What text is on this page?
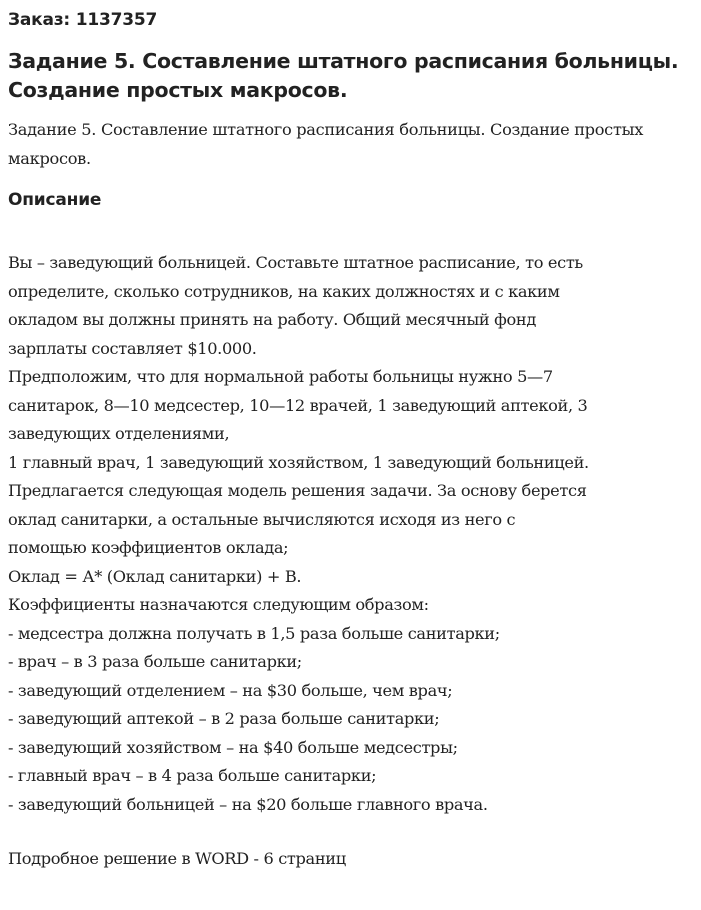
Заказ: 1137357
Задание 5. Составление штатного расписания больницы. Создание простых макросов.
Задание 5. Составление штатного расписания больницы. Создание простых макросов.
Описание
Вы – заведующий больницей. Составьте штатное расписание, то есть
определите, сколько сотрудников, на каких должностях и с каким
окладом вы должны принять на работу. Общий месячный фонд
зарплаты составляет $10.000.
Предположим, что для нормальной работы больницы нужно 5—7
санитарок, 8—10 медсестер, 10—12 врачей, 1 заведующий аптекой, 3
заведующих отделениями,
1 главный врач, 1 заведующий хозяйством, 1 заведующий больницей.
Предлагается следующая модель решения задачи. За основу берется
оклад санитарки, а остальные вычисляются исходя из него с
помощью коэффициентов оклада;
Оклад = А* (Оклад санитарки) + В.
Коэффициенты назначаются следующим образом:
- медсестра должна получать в 1,5 раза больше санитарки;
- врач – в 3 раза больше санитарки;
- заведующий отделением – на $30 больше, чем врач;
- заведующий аптекой – в 2 раза больше санитарки;
- заведующий хозяйством – на $40 больше медсестры;
- главный врач – в 4 раза больше санитарки;
- заведующий больницей – на $20 больше главного врача.
Подробное решение в WORD - 6 страниц
